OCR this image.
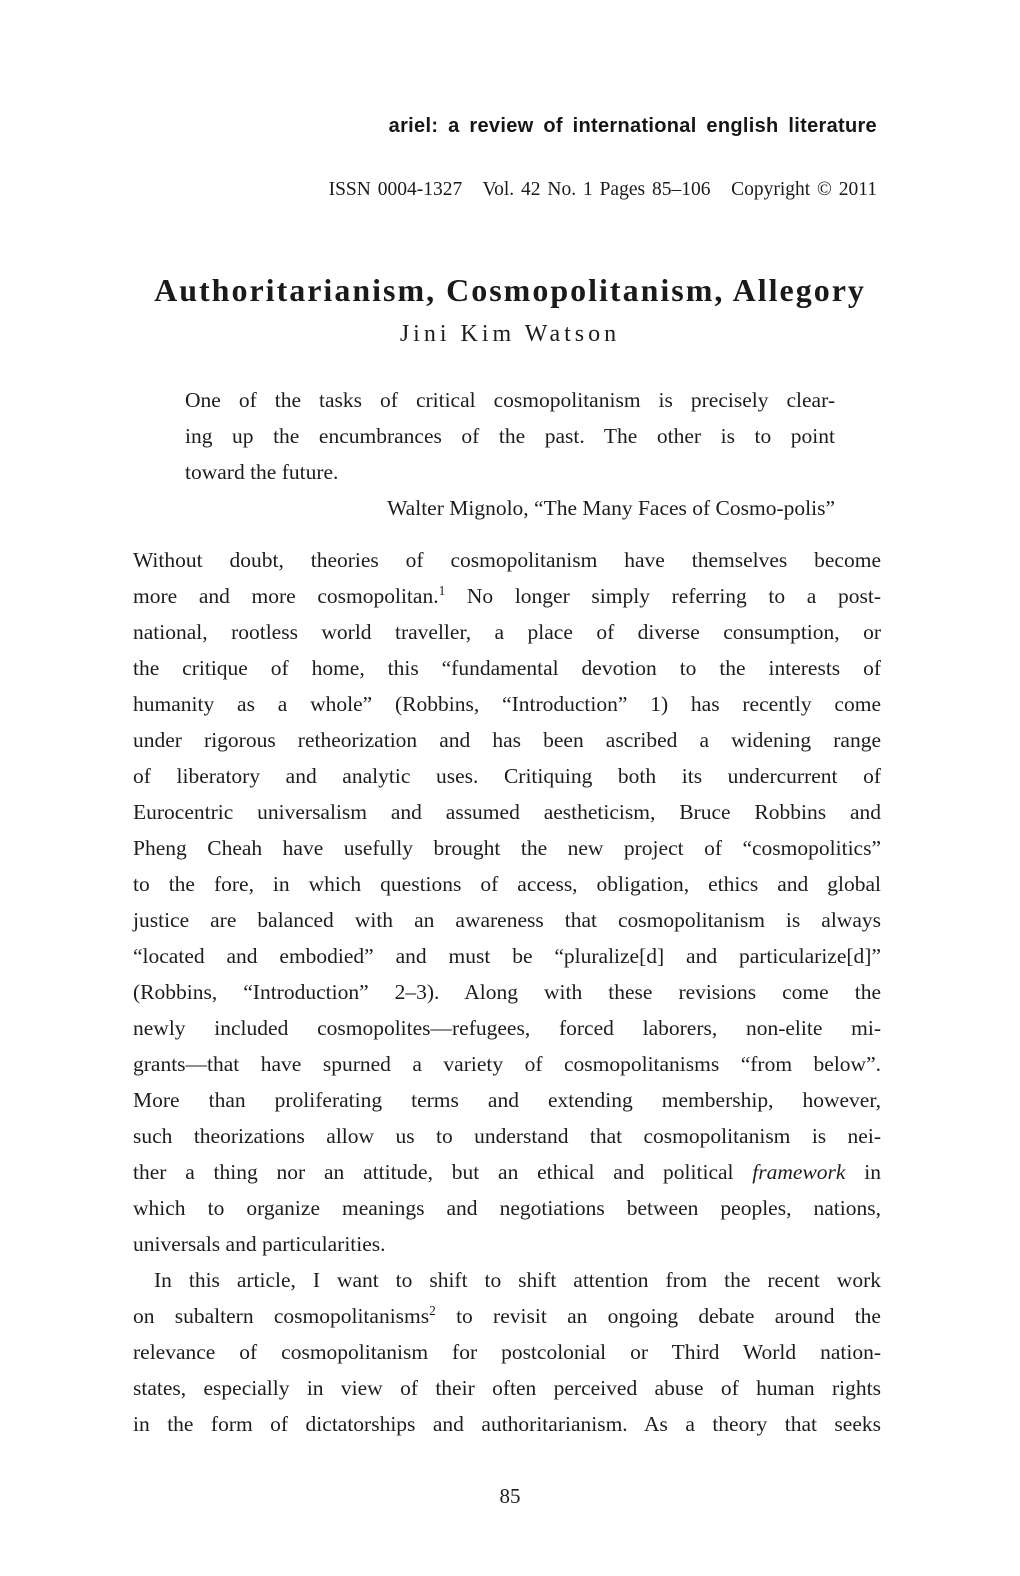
ariel: a review of international english literature

ISSN 0004-1327   Vol. 42 No. 1 Pages 85–106   Copyright © 2011

Authoritarianism, Cosmopolitanism, Allegory
Jini Kim Watson
One of the tasks of critical cosmopolitanism is precisely clear-
ing up the encumbrances of the past. The other is to point
toward the future.
Walter Mignolo, “The Many Faces of Cosmo-polis”
Without doubt, theories of cosmopolitanism have themselves become
more and more cosmopolitan.$^1$ No longer simply referring to a post-
national, rootless world traveller, a place of diverse consumption, or
the critique of home, this “fundamental devotion to the interests of
humanity as a whole” (Robbins, “Introduction” 1) has recently come
under rigorous retheorization and has been ascribed a widening range
of liberatory and analytic uses. Critiquing both its undercurrent of
Eurocentric universalism and assumed aestheticism, Bruce Robbins and
Pheng Cheah have usefully brought the new project of “cosmopolitics”
to the fore, in which questions of access, obligation, ethics and global
justice are balanced with an awareness that cosmopolitanism is always
“located and embodied” and must be “pluralize[d] and particularize[d]”
(Robbins, “Introduction” 2–3). Along with these revisions come the
newly included cosmopolites—refugees, forced laborers, non-elite mi-
grants—that have spurned a variety of cosmopolitanisms “from below”.
More than proliferating terms and extending membership, however,
such theorizations allow us to understand that cosmopolitanism is nei-
ther a thing nor an attitude, but an ethical and political framework in
which to organize meanings and negotiations between peoples, nations,
universals and particularities.
In this article, I want to shift to shift attention from the recent work
on subaltern cosmopolitanisms$^2$ to revisit an ongoing debate around the
relevance of cosmopolitanism for postcolonial or Third World nation-
states, especially in view of their often perceived abuse of human rights
in the form of dictatorships and authoritarianism. As a theory that seeks
85
